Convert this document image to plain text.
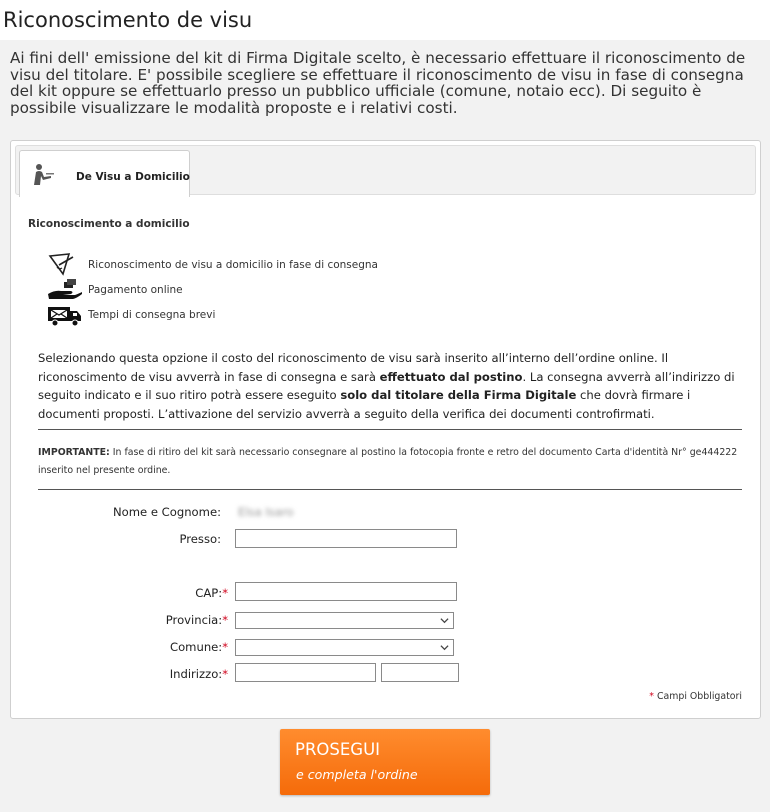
Riconoscimento de visu

Ai fini dell' emissione del kit di Firma Digitale scelto, è necessario effettuare il riconoscimento de visu del titolare. E' possibile scegliere se effettuare il riconoscimento de visu in fase di consegna del kit oppure se effettuarlo presso un pubblico ufficiale (comune, notaio ecc). Di seguito è possibile visualizzare le modalità proposte e i relativi costi.

De Visu a Domicilio
Riconoscimento a domicilio
Riconoscimento de visu a domicilio in fase di consegna
Pagamento online
Tempi di consegna brevi

Selezionando questa opzione il costo del riconoscimento de visu sarà inserito all’interno dell’ordine online. Il riconoscimento de visu avverrà in fase di consegna e sarà effettuato dal postino. La consegna avverrà all’indirizzo di seguito indicato e il suo ritiro potrà essere eseguito solo dal titolare della Firma Digitale che dovrà firmare i documenti proposti. L’attivazione del servizio avverrà a seguito della verifica dei documenti controfirmati.

IMPORTANTE: In fase di ritiro del kit sarà necessario consegnare al postino la fotocopia fronte e retro del documento Carta d'identità Nr° ge444222
inserito nel presente ordine.
Nome e Cognome: Elsa Isaro
Presso:
CAP:*
Provincia:*
Comune:*
Indirizzo:*
* Campi Obbligatori
PROSEGUI
e completa l'ordine
